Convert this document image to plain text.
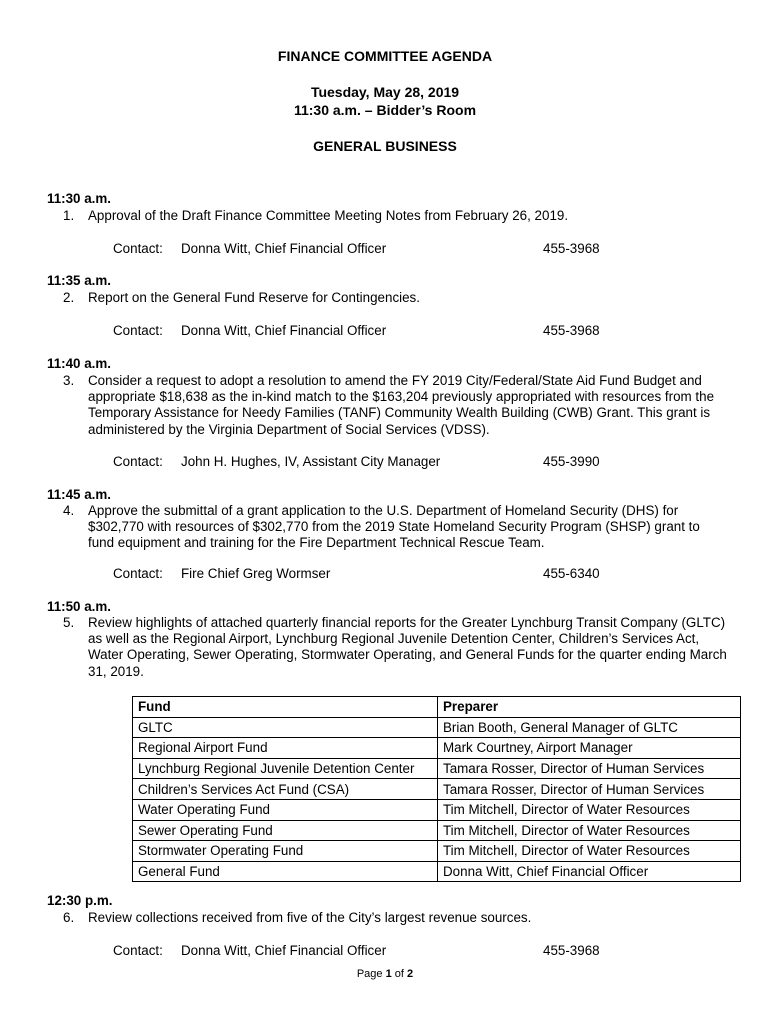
FINANCE COMMITTEE AGENDA
Tuesday, May 28, 2019
11:30 a.m. – Bidder’s Room
GENERAL BUSINESS
11:30 a.m.
1. Approval of the Draft Finance Committee Meeting Notes from February 26, 2019.
Contact: Donna Witt, Chief Financial Officer	455-3968
11:35 a.m.
2. Report on the General Fund Reserve for Contingencies.
Contact: Donna Witt, Chief Financial Officer	455-3968
11:40 a.m.
3. Consider a request to adopt a resolution to amend the FY 2019 City/Federal/State Aid Fund Budget and appropriate $18,638 as the in-kind match to the $163,204 previously appropriated with resources from the Temporary Assistance for Needy Families (TANF) Community Wealth Building (CWB) Grant. This grant is administered by the Virginia Department of Social Services (VDSS).
Contact: John H. Hughes, IV, Assistant City Manager	455-3990
11:45 a.m.
4. Approve the submittal of a grant application to the U.S. Department of Homeland Security (DHS) for $302,770 with resources of $302,770 from the 2019 State Homeland Security Program (SHSP) grant to fund equipment and training for the Fire Department Technical Rescue Team.
Contact: Fire Chief Greg Wormser	455-6340
11:50 a.m.
5. Review highlights of attached quarterly financial reports for the Greater Lynchburg Transit Company (GLTC) as well as the Regional Airport, Lynchburg Regional Juvenile Detention Center, Children’s Services Act, Water Operating, Sewer Operating, Stormwater Operating, and General Funds for the quarter ending March 31, 2019.
Fund	Preparer
GLTC	Brian Booth, General Manager of GLTC
Regional Airport Fund	Mark Courtney, Airport Manager
Lynchburg Regional Juvenile Detention Center	Tamara Rosser, Director of Human Services
Children’s Services Act Fund (CSA)	Tamara Rosser, Director of Human Services
Water Operating Fund	Tim Mitchell, Director of Water Resources
Sewer Operating Fund	Tim Mitchell, Director of Water Resources
Stormwater Operating Fund	Tim Mitchell, Director of Water Resources
General Fund	Donna Witt, Chief Financial Officer
12:30 p.m.
6. Review collections received from five of the City’s largest revenue sources.
Contact: Donna Witt, Chief Financial Officer	455-3968
Page 1 of 2
